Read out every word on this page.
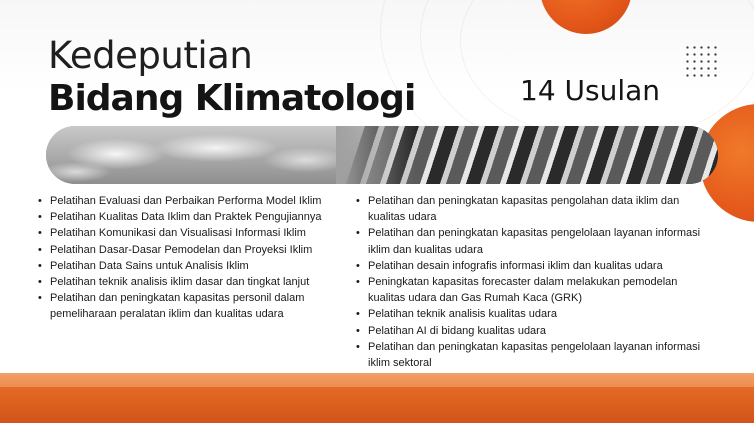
Kedeputian
Bidang Klimatologi	14 Usulan
• Pelatihan Evaluasi dan Perbaikan Performa Model Iklim
• Pelatihan Kualitas Data Iklim dan Praktek Pengujiannya
• Pelatihan Komunikasi dan Visualisasi Informasi Iklim
• Pelatihan Dasar-Dasar Pemodelan dan Proyeksi Iklim
• Pelatihan Data Sains untuk Analisis Iklim
• Pelatihan teknik analisis iklim dasar dan tingkat lanjut
• Pelatihan dan peningkatan kapasitas personil dalam pemeliharaan peralatan iklim dan kualitas udara
• Pelatihan dan peningkatan kapasitas pengolahan data iklim dan kualitas udara
• Pelatihan dan peningkatan kapasitas pengelolaan layanan informasi iklim dan kualitas udara
• Pelatihan desain infografis informasi iklim dan kualitas udara
• Peningkatan kapasitas forecaster dalam melakukan pemodelan kualitas udara dan Gas Rumah Kaca (GRK)
• Pelatihan teknik analisis kualitas udara
• Pelatihan AI di bidang kualitas udara
• Pelatihan dan peningkatan kapasitas pengelolaan layanan informasi iklim sektoral
